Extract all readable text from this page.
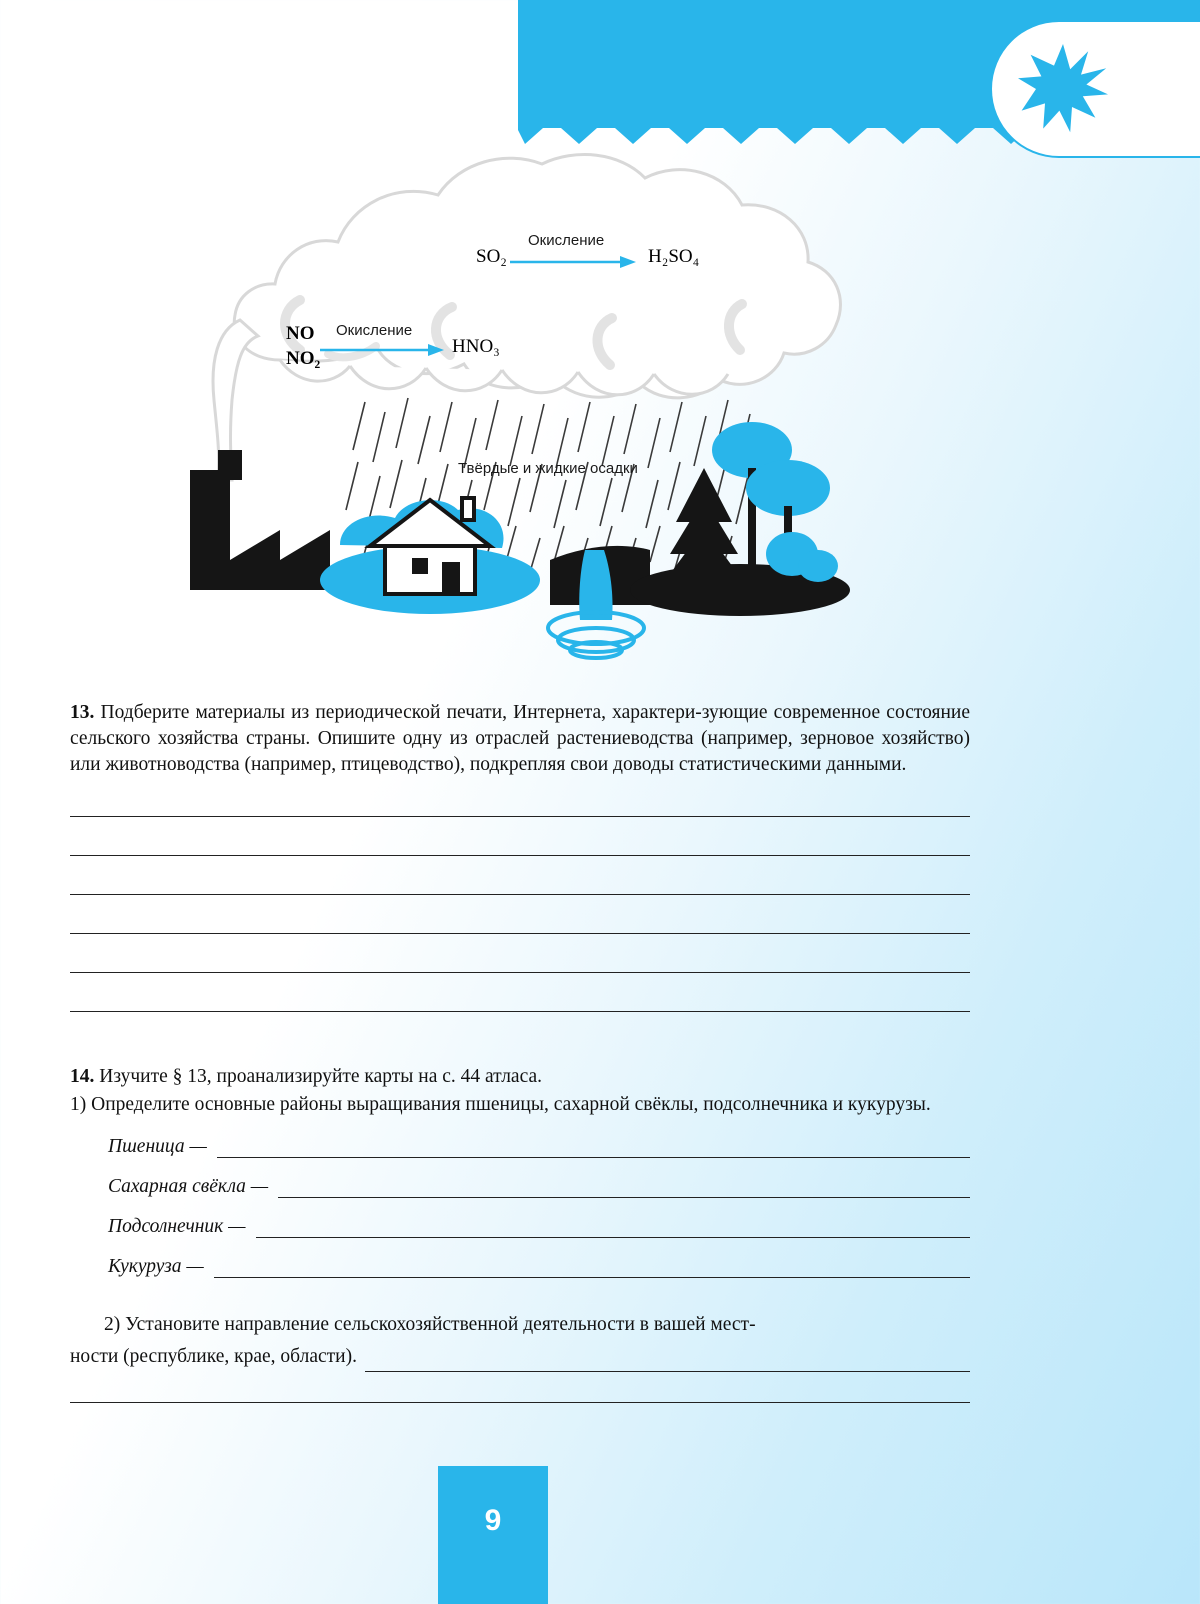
SO₂
Окисление
H₂SO₄
NO
NO₂
Окисление
HNO₃
Твёрдые и жидкие осадки

13. Подберите материалы из периодической печати, Интернета, характери-зующие современное состояние сельского хозяйства страны. Опишите одну из отраслей растениеводства (например, зерновое хозяйство) или животноводства (например, птицеводство), подкрепляя свои доводы статистическими данными.

14. Изучите § 13, проанализируйте карты на с. 44 атласа.

1) Определите основные районы выращивания пшеницы, сахарной свёклы, подсолнечника и кукурузы.

Пшеница —
Сахарная свёкла —
Подсолнечник —
Кукуруза —

2) Установите направление сельскохозяйственной деятельности в вашей мест-

ности (республике, крае, области).
9
